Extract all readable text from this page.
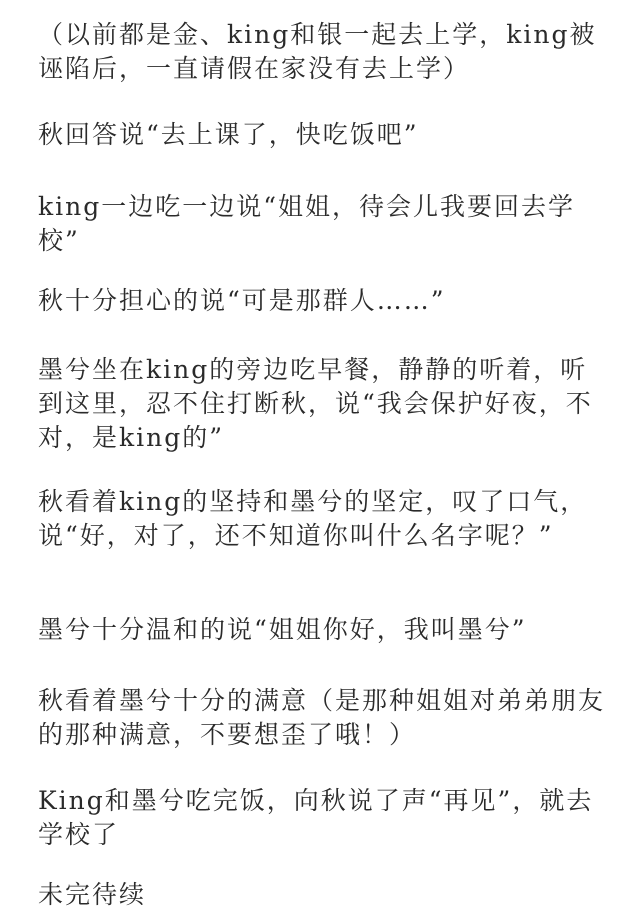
（以前都是金、king和银一起去上学，king被诬陷后，一直请假在家没有去上学）

秋回答说“去上课了，快吃饭吧”

king一边吃一边说“姐姐，待会儿我要回去学校”

秋十分担心的说“可是那群人……”

墨兮坐在king的旁边吃早餐，静静的听着，听到这里，忍不住打断秋，说“我会保护好夜，不对，是king的”

秋看着king的坚持和墨兮的坚定，叹了口气，说“好，对了，还不知道你叫什么名字呢？”

墨兮十分温和的说“姐姐你好，我叫墨兮”

秋看着墨兮十分的满意（是那种姐姐对弟弟朋友的那种满意，不要想歪了哦！）

King和墨兮吃完饭，向秋说了声“再见”，就去学校了

未完待续
